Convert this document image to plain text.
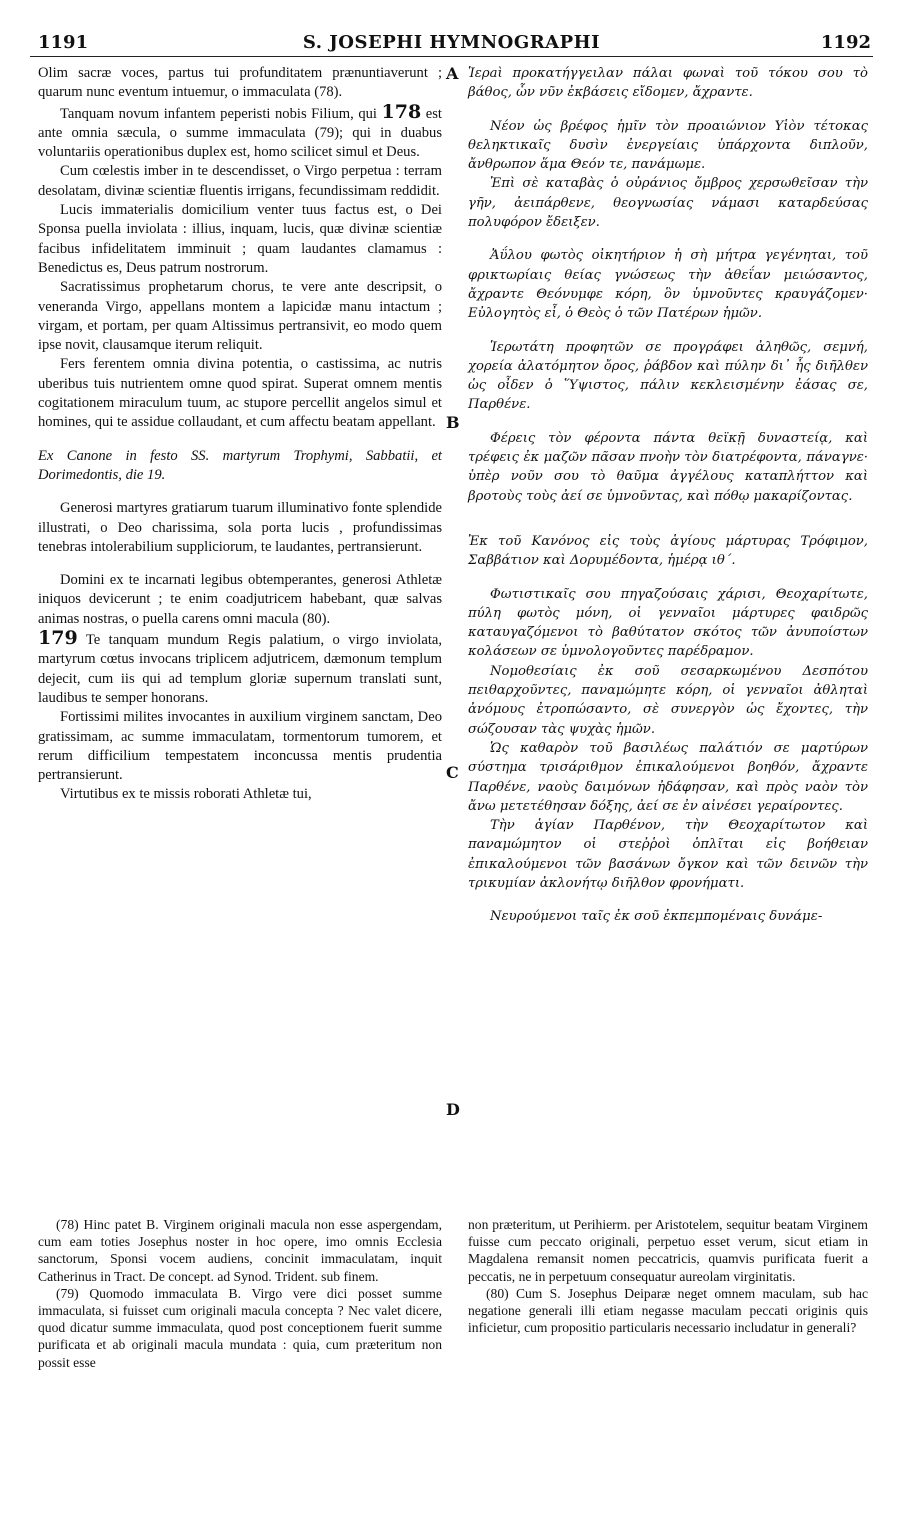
1191	S. JOSEPHI HYMNOGRAPHI	1192
A
B
C
D

Olim sacræ voces, partus tui profunditatem prænuntiaverunt ; quarum nunc eventum intuemur, o immaculata (78).

Tanquam novum infantem peperisti nobis Filium, qui 178 est ante omnia sæcula, o summe immaculata (79); qui in duabus voluntariis operationibus duplex est, homo scilicet simul et Deus.

Cum cœlestis imber in te descendisset, o Virgo perpetua : terram desolatam, divinæ scientiæ fluentis irrigans, fecundissimam reddidit.

Lucis immaterialis domicilium venter tuus factus est, o Dei Sponsa puella inviolata : illius, inquam, lucis, quæ divinæ scientiæ facibus infidelitatem imminuit ; quam laudantes clamamus : Benedictus es, Deus patrum nostrorum.

Sacratissimus prophetarum chorus, te vere ante descripsit, o veneranda Virgo, appellans montem a lapicidæ manu intactum ; virgam, et portam, per quam Altissimus pertransivit, eo modo quem ipse novit, clausamque iterum reliquit.

Fers ferentem omnia divina potentia, o castissima, ac nutris uberibus tuis nutrientem omne quod spirat. Superat omnem mentis cogitationem miraculum tuum, ac stupore percellit angelos simul et homines, qui te assidue collaudant, et cum affectu beatam appellant.

Ex Canone in festo SS. martyrum Trophymi, Sabbatii, et Dorimedontis, die 19.

Generosi martyres gratiarum tuarum illuminativo fonte splendide illustrati, o Deo charissima, sola porta lucis , profundissimas tenebras intolerabilium suppliciorum, te laudantes, pertransierunt.

Domini ex te incarnati legibus obtemperantes, generosi Athletæ iniquos devicerunt ; te enim coadjutricem habebant, quæ salvas animas nostras, o puella carens omni macula (80).

179 Te tanquam mundum Regis palatium, o virgo inviolata, martyrum cœtus invocans triplicem adjutricem, dæmonum templum dejecit, cum iis qui ad templum gloriæ supernum translati sunt, laudibus te semper honorans.

Fortissimi milites invocantes in auxilium virginem sanctam, Deo gratissimam, ac summe immaculatam, tormentorum tumorem, et rerum difficilium tempestatem inconcussa mentis prudentia pertransierunt.

Virtutibus ex te missis roborati Athletæ tui,

Ἱερaὶ προκατήγγειλαν πάλαι φωναὶ τοῦ τόκου σου τὸ βάθος, ὧν νῦν ἐκβάσεις εἴδομεν, ἄχραντε.

Νέον ὡς βρέφος ἡμῖν τὸν προαιώνιον Υἱὸν τέτοκας θεληκτικαῖς δυσὶν ἐνεργείαις ὑπάρχοντα διπλοῦν, ἄνθρωπον ἅμα Θεόν τε, πανάμωμε.

Ἐπὶ σὲ καταβὰς ὁ οὐράνιος ὄμβρος χερσωθεῖσαν τὴν γῆν, ἀειπάρθενε, θεογνωσίας νάμασι καταρδεύσας πολυφόρον ἔδειξεν.

Ἀΰλου φωτὸς οἰκητήριον ἡ σὴ μήτρα γεγένηται, τοῦ φρικτωρίαις θείας γνώσεως τὴν ἀθεΐαν μειώσαντος, ἄχραντε Θεόνυμφε κόρη, ὃν ὑμνοῦντες κραυγάζομεν· Εὐλογητὸς εἶ, ὁ Θεὸς ὁ τῶν Πατέρων ἡμῶν.

Ἱερωτάτη προφητῶν σε προγράφει ἀληθῶς, σεμνή, χορεία ἀλατόμητον ὄρος, ῥάβδον καὶ πύλην δι᾽ ἧς διῆλθεν ὡς οἶδεν ὁ Ὕψιστος, πάλιν κεκλεισμένην ἐάσας σε, Παρθένε.

Φέρεις τὸν φέροντα πάντα θεϊκῇ δυναστείᾳ, καὶ τρέφεις ἐκ μαζῶν πᾶσαν πνοὴν τὸν διατρέφοντα, πάναγνε· ὑπὲρ νοῦν σου τὸ θαῦμα ἀγγέλους καταπλήττον καὶ βροτοὺς τοὺς ἀεί σε ὑμνοῦντας, καὶ πόθῳ μακαρίζοντας.

Ἐκ τοῦ Κανόνος εἰς τοὺς ἁγίους μάρτυρας Τρόφιμον, Σαββάτιον καὶ Δορυμέδοντα, ἡμέρᾳ ιθ΄.

Φωτιστικαῖς σου πηγαζούσαις χάρισι, Θεοχαρίτωτε, πύλη φωτὸς μόνη, οἱ γενναῖοι μάρτυρες φαιδρῶς καταυγαζόμενοι τὸ βαθύτατον σκότος τῶν ἀνυποίστων κολάσεων σε ὑμνολογοῦντες παρέδραμον.

Νομοθεσίαις ἐκ σοῦ σεσαρκωμένου Δεσπότου πειθαρχοῦντες, παναμώμητε κόρη, οἱ γενναῖοι ἀθληταὶ ἀνόμους ἐτροπώσαντο, σὲ συνεργὸν ὡς ἔχοντες, τὴν σώζουσαν τὰς ψυχὰς ἡμῶν.

Ὡς καθαρὸν τοῦ βασιλέως παλάτιόν σε μαρτύρων σύστημα τρισάριθμον ἐπικαλούμενοι βοηθόν, ἄχραντε Παρθένε, ναοὺς δαιμόνων ἠδάφησαν, καὶ πρὸς ναὸν τὸν ἄνω μετετέθησαν δόξης, ἀεί σε ἐν αἰνέσει γεραίροντες.

Τὴν ἁγίαν Παρθένον, τὴν Θεοχαρίτωτον καὶ παναμώμητον οἱ στεῤῥοὶ ὁπλῖται εἰς βοήθειαν ἐπικαλούμενοι τῶν βασάνων ὄγκον καὶ τῶν δεινῶν τὴν τρικυμίαν ἀκλονήτῳ διῆλθον φρονήματι.

Νευρούμενοι ταῖς ἐκ σοῦ ἐκπεμπομέναις δυνάμε-

(78) Hinc patet B. Virginem originali macula non esse aspergendam, cum eam toties Josephus noster in hoc opere, imo omnis Ecclesia sanctorum, Sponsi vocem audiens, concinit immaculatam, inquit Catherinus in Tract. De concept. ad Synod. Trident. sub finem.

(79) Quomodo immaculata B. Virgo vere dici posset summe immaculata, si fuisset cum originali macula concepta ? Nec valet dicere, quod dicatur summe immaculata, quod post conceptionem fuerit summe purificata et ab originali macula mundata : quia, cum præteritum non possit esse

non præteritum, ut Perihierm. per Aristotelem, sequitur beatam Virginem fuisse cum peccato originali, perpetuo esset verum, sicut etiam in Magdalena remansit nomen peccatricis, quamvis purificata fuerit a peccatis, ne in perpetuum consequatur aureolam virginitatis.

(80) Cum S. Josephus Deiparæ neget omnem maculam, sub hac negatione generali illi etiam negasse maculam peccati originis quis inficietur, cum propositio particularis necessario includatur in generali?
